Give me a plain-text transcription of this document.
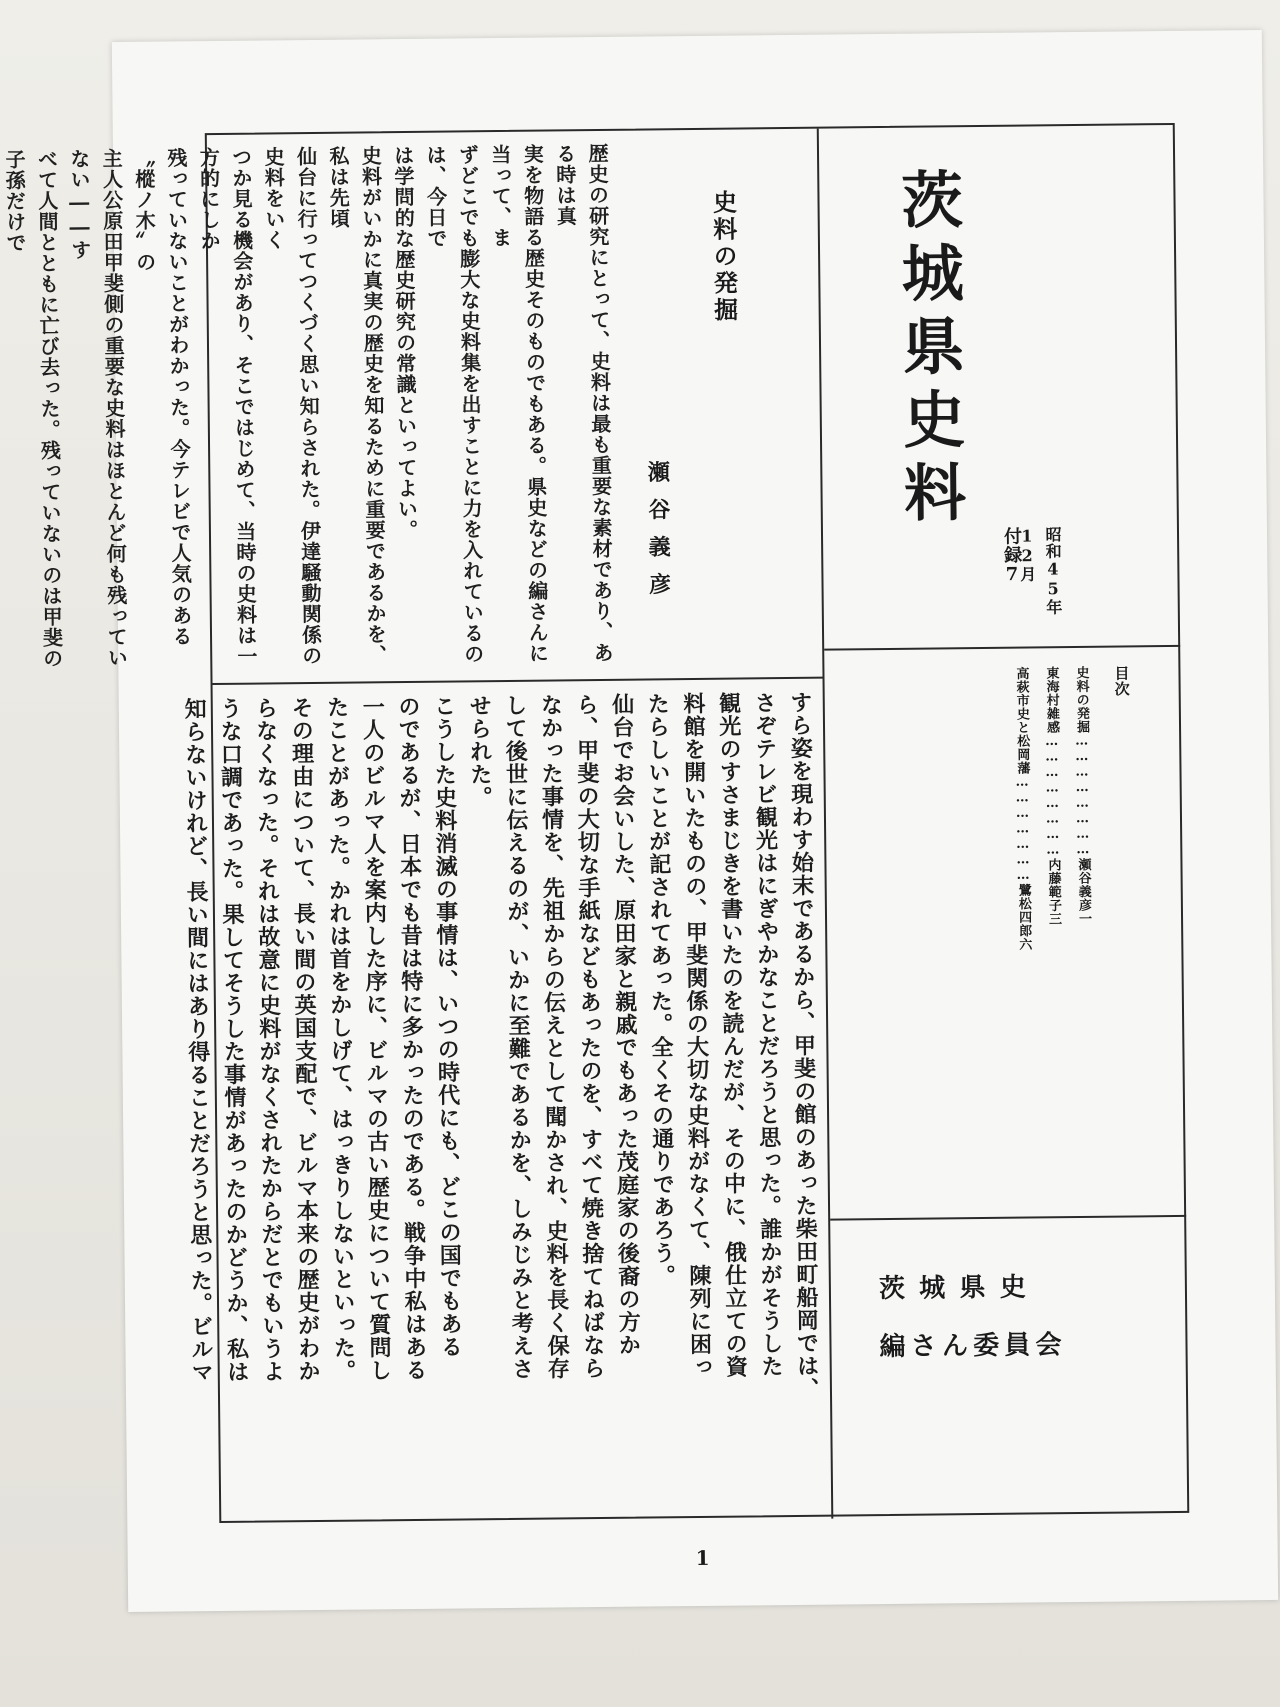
茨城県史料
付録7 昭和45年12月
目次
史料の発掘……………………瀬谷義彦一
東海村雑感……………………内藤範子三
高萩市史と松岡藩…………………鷺松四郎六
茨城県史
編さん委員会
史料の発掘
瀬谷義彦
歴史の研究にとって、史料は最も重要な素材であり、ある時は真
実を物語る歴史そのものでもある。県史などの編さんに当って、ま
ずどこでも膨大な史料集を出すことに力を入れているのは、今日で
は学問的な歴史研究の常識といってよい。
史料がいかに真実の歴史を知るために重要であるかを、私は先頃
仙台に行ってつくづく思い知らされた。伊達騒動関係の史料をいく
つか見る機会があり、そこではじめて、当時の史料は一方的にしか
残っていないことがわかった。今テレビで人気のある〝樅ノ木〟の
主人公原田甲斐側の重要な史料はほとんど何も残っていない――す
べて人間とともに亡び去った。残っていないのは甲斐の子孫だけで
すら姿を現わす始末であるから、甲斐の館のあった柴田町船岡では、
さぞテレビ観光はにぎやかなことだろうと思った。誰かがそうした
観光のすさまじきを書いたのを読んだが、その中に、俄仕立ての資
料館を開いたものの、甲斐関係の大切な史料がなくて、陳列に困っ
たらしいことが記されてあった。全くその通りであろう。
仙台でお会いした、原田家と親戚でもあった茂庭家の後裔の方か
ら、甲斐の大切な手紙などもあったのを、すべて焼き捨てねばなら
なかった事情を、先祖からの伝えとして聞かされ、史料を長く保存
して後世に伝えるのが、いかに至難であるかを、しみじみと考えさ
せられた。
こうした史料消滅の事情は、いつの時代にも、どこの国でもある
のであるが、日本でも昔は特に多かったのである。戦争中私はある
一人のビルマ人を案内した序に、ビルマの古い歴史について質問し
たことがあった。かれは首をかしげて、はっきりしないといった。
その理由について、長い間の英国支配で、ビルマ本来の歴史がわか
らなくなった。それは故意に史料がなくされたからだとでもいうよ
うな口調であった。果してそうした事情があったのかどうか、私は
知らないけれど、長い間にはあり得ることだろうと思った。ビルマ
1
